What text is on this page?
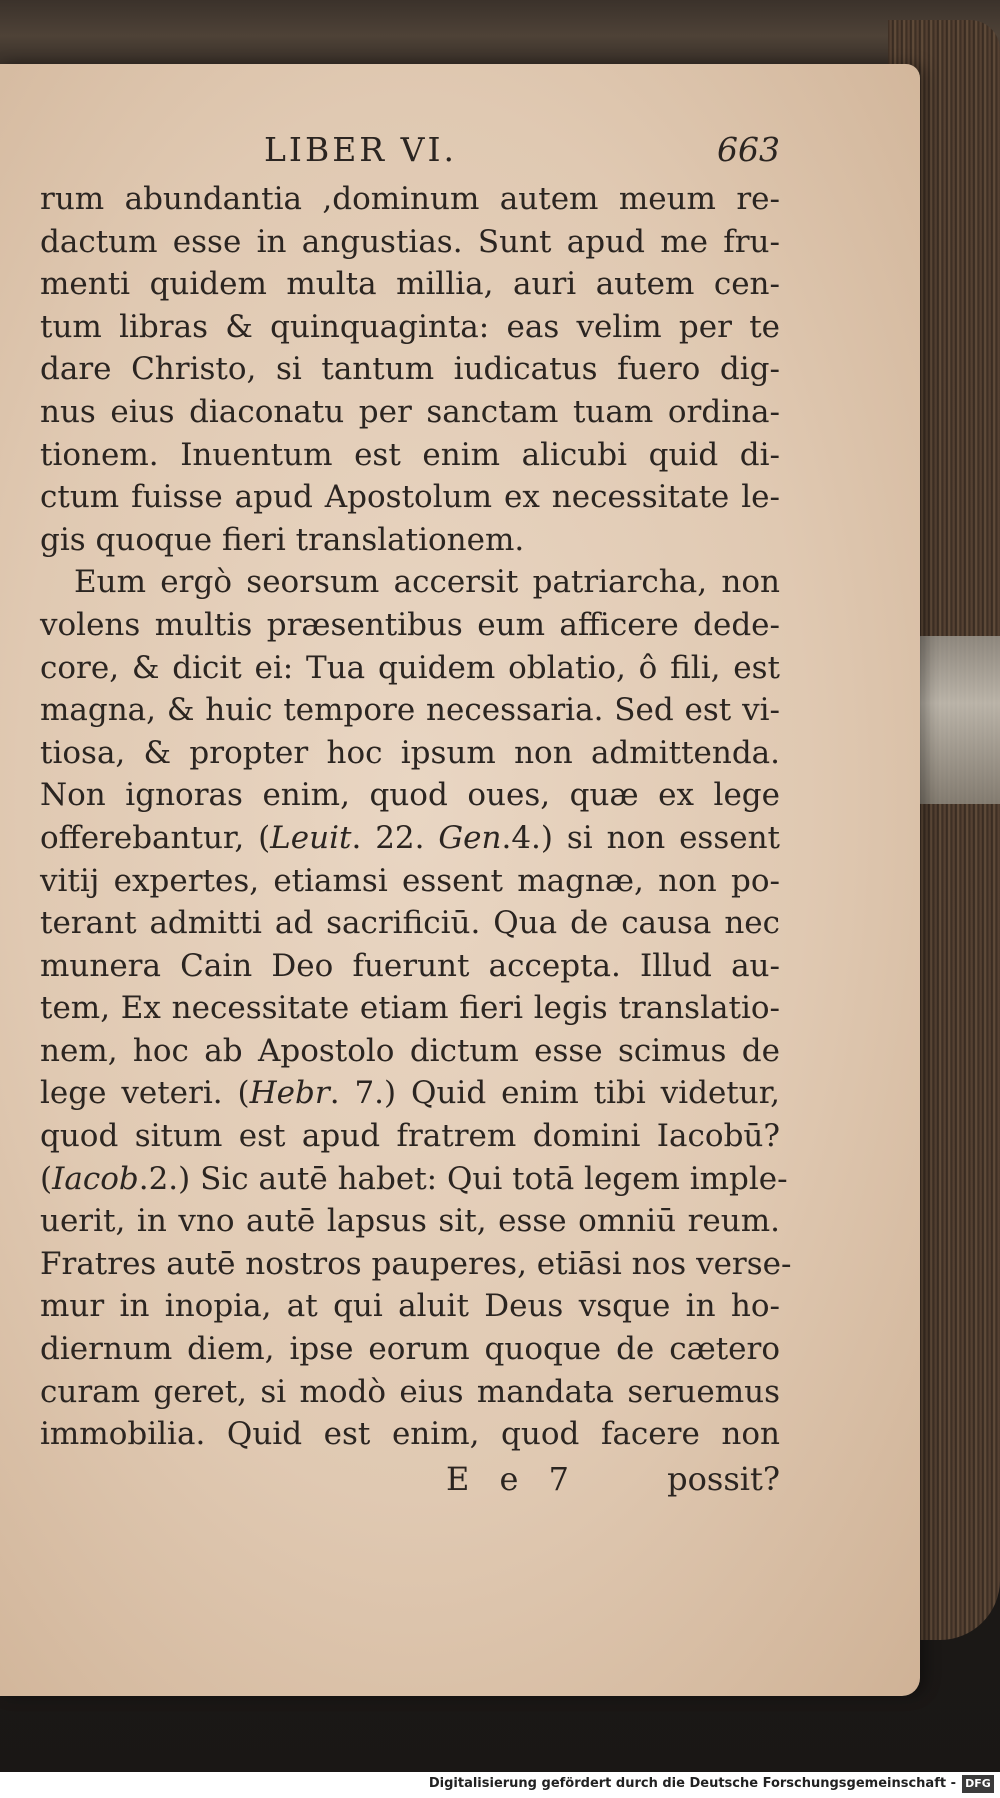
LIBER VI.	663
rum abundantia ,dominum autem meum re-
dactum esse in angustias. Sunt apud me fru-
menti quidem multa millia, auri autem cen-
tum libras & quinquaginta: eas velim per te
dare Christo, si tantum iudicatus fuero dig-
nus eius diaconatu per sanctam tuam ordina-
tionem. Inuentum est enim alicubi quid di-
ctum fuisse apud Apostolum ex necessitate le-
gis quoque fieri translationem.
Eum ergò seorsum accersit patriarcha, non
volens multis præsentibus eum afficere dede-
core, & dicit ei: Tua quidem oblatio, ô fili, est
magna, & huic tempore necessaria. Sed est vi-
tiosa, & propter hoc ipsum non admittenda.
Non ignoras enim, quod oues, quæ ex lege
offerebantur, (Leuit. 22. Gen.4.) si non essent
vitij expertes, etiamsi essent magnæ, non po-
terant admitti ad sacrificiū. Qua de causa nec
munera Cain Deo fuerunt accepta. Illud au-
tem, Ex necessitate etiam fieri legis translatio-
nem, hoc ab Apostolo dictum esse scimus de
lege veteri. (Hebr. 7.) Quid enim tibi videtur,
quod situm est apud fratrem domini Iacobū?
(Iacob.2.) Sic autē habet: Qui totā legem imple-
uerit, in vno autē lapsus sit, esse omniū reum.
Fratres autē nostros pauperes, etiāsi nos verse-
mur in inopia, at qui aluit Deus vsque in ho-
diernum diem, ipse eorum quoque de cætero
curam geret, si modò eius mandata seruemus
immobilia. Quid est enim, quod facere non
E e 7	possit?
Digitalisierung gefördert durch die Deutsche Forschungsgemeinschaft - DFG
